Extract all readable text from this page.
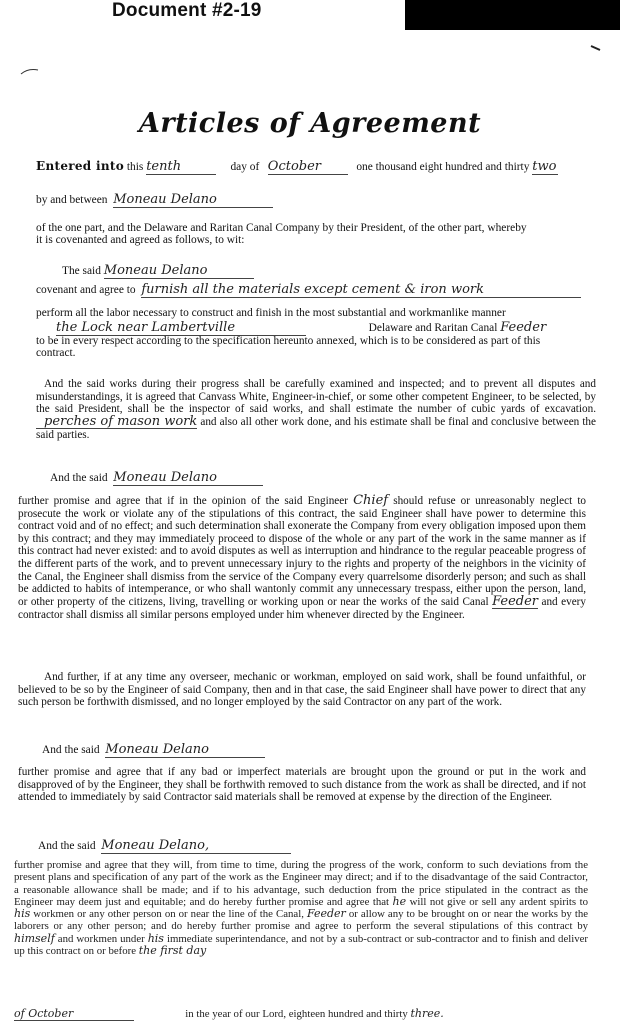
Document #2-19
Articles of Agreement
Entered into this tenth	day of October	one thousand eight hundred and thirty two
by and between Moneau Delano
of the one part, and the Delaware and Raritan Canal Company by their President, of the other part, whereby
it is covenanted and agreed as follows, to wit:
The said Moneau Delano
covenant and agree to furnish all the materials except cement & iron work
perform all the labor necessary to construct and finish in the most substantial and workmanlike manner
the Lock near Lambertville	Delaware and Raritan Canal Feeder
to be in every respect according to the specification hereunto annexed, which is to be considered as part of this
contract.
And the said works during their progress shall be carefully examined and inspected; and to prevent all disputes and misunderstandings, it is agreed that Canvass White, Engineer-in-chief, or some other competent Engineer, to be selected, by the said President, shall be the inspector of said works, and shall estimate the number of cubic yards of excavation. perches of mason work and also all other work done, and his estimate shall be final and conclusive between the said parties.
And the said Moneau Delano
further promise and agree that if in the opinion of the said Engineer Chief should refuse or unreasonably neglect to prosecute the work or violate any of the stipulations of this contract, the said Engineer shall have power to determine this contract void and of no effect; and such determination shall exonerate the Company from every obligation imposed upon them by this contract; and they may immediately proceed to dispose of the whole or any part of the work in the same manner as if this contract had never existed: and to avoid disputes as well as interruption and hindrance to the regular peaceable progress of the different parts of the work, and to prevent unnecessary injury to the rights and property of the neighbors in the vicinity of the Canal, the Engineer shall dismiss from the service of the Company every quarrelsome disorderly person; and such as shall be addicted to habits of intemperance, or who shall wantonly commit any unnecessary trespass, either upon the person, land, or other property of the citizens, living, travelling or working upon or near the works of the said Canal Feeder and every contractor shall dismiss all similar persons employed under him whenever directed by the Engineer.
And further, if at any time any overseer, mechanic or workman, employed on said work, shall be found unfaithful, or believed to be so by the Engineer of said Company, then and in that case, the said Engineer shall have power to direct that any such person be forthwith dismissed, and no longer employed by the said Contractor on any part of the work.
And the said Moneau Delano
further promise and agree that if any bad or imperfect materials are brought upon the ground or put in the work and disapproved of by the Engineer, they shall be forthwith removed to such distance from the work as shall be directed, and if not attended to immediately by said Contractor said materials shall be removed at expense by the direction of the Engineer.
And the said Moneau Delano,
further promise and agree that they will, from time to time, during the progress of the work, conform to such deviations from the present plans and specification of any part of the work as the Engineer may direct; and if to the disadvantage of the said Contractor, a reasonable allowance shall be made; and if to his advantage, such deduction from the price stipulated in the contract as the Engineer may deem just and equitable; and do hereby further promise and agree that he will not give or sell any ardent spirits to his workmen or any other person on or near the line of the Canal, Feeder or allow any to be brought on or near the works by the laborers or any other person; and do hereby further promise and agree to perform the several stipulations of this contract by himself and workmen under his immediate superintendance, and not by a sub-contract or sub-contractor and to finish and deliver up this contract on or before the first day
of October	in the year of our Lord, eighteen hundred and thirty three.
